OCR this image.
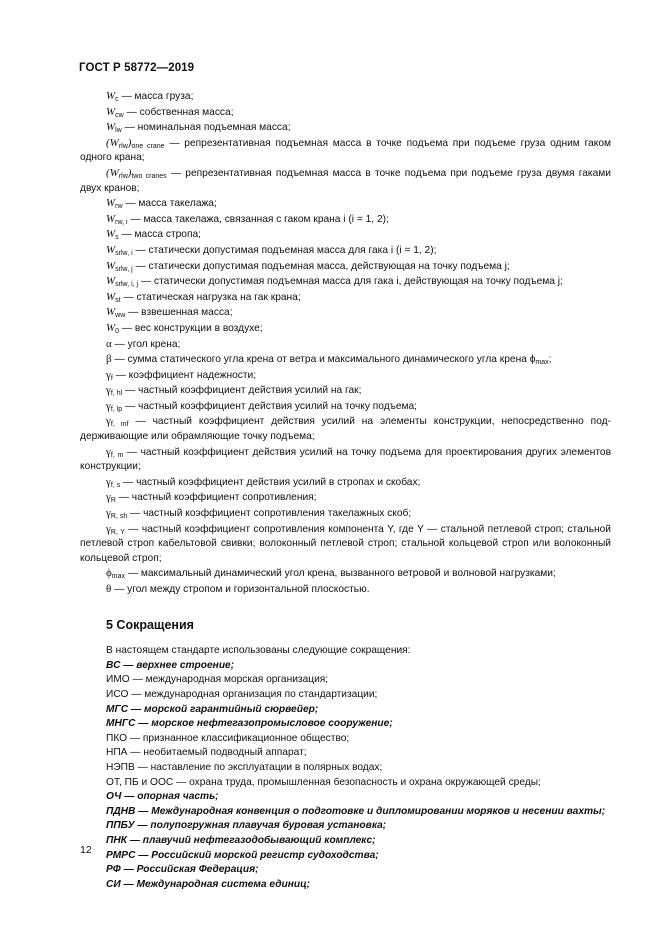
ГОСТ Р 58772—2019

$W_c$ — масса груза;

$W_{cw}$ — собственная масса;

$W_{lw}$ — номинальная подъемная масса;

$(W_{rlw})_{one crane}$ — репрезентативная подъемная масса в точке подъема при подъеме груза одним гаком одного крана;

$(W_{rlw})_{two cranes}$ — репрезентативная подъемная масса в точке подъема при подъеме груза двумя гаками двух кранов;

$W_{rw}$ — масса такелажа;

$W_{rw, i}$ — масса такелажа, связанная с гаком крана i (i = 1, 2);

$W_s$ — масса стропа;

$W_{srlw, i}$ — статически допустимая подъемная масса для гака i (i = 1, 2);

$W_{srlw, j}$ — статически допустимая подъемная масса, действующая на точку подъема j;

$W_{srlw, i, j}$ — статически допустимая подъемная масса для гака i, действующая на точку подъема j;

$W_{st}$ — статическая нагрузка на гак крана;

$W_{ww}$ — взвешенная масса;

$W_0$ — вес конструкции в воздухе;

α — угол крена;

β — сумма статического угла крена от ветра и максимального динамического угла крена $\phi_{max}$;

$\gamma_f$ — коэффициент надежности;

$\gamma_{f, hl}$ — частный коэффициент действия усилий на гак;

$\gamma_{f, lp}$ — частный коэффициент действия усилий на точку подъема;

$\gamma_{f, mf}$ — частный коэффициент действия усилий на элементы конструкции, непосредственно поддерживающие или обрамляющие точку подъема;

$\gamma_{f, m}$ — частный коэффициент действия усилий на точку подъема для проектирования других элементов конструкции;

$\gamma_{f, s}$ — частный коэффициент действия усилий в стропах и скобах;

$\gamma_R$ — частный коэффициент сопротивления;

$\gamma_{R, sh}$ — частный коэффициент сопротивления такелажных скоб;

$\gamma_{R, Y}$ — частный коэффициент сопротивления компонента Y, где Y — стальной петлевой строп; стальной петлевой строп кабельтовой свивки; волоконный петлевой строп; стальной кольцевой строп или волоконный кольцевой строп;

$\phi_{max}$ — максимальный динамический угол крена, вызванного ветровой и волновой нагрузками;

θ — угол между стропом и горизонтальной плоскостью.

5 Сокращения

В настоящем стандарте использованы следующие сокращения:

ВС — верхнее строение;

ИМО — международная морская организация;

ИСО — международная организация по стандартизации;

МГС — морской гарантийный сюрвейер;

МНГС — морское нефтегазопромысловое сооружение;

ПКО — признанное классификационное общество;

НПА — необитаемый подводный аппарат;

НЭПВ — наставление по эксплуатации в полярных водах;

ОТ, ПБ и ООС — охрана труда, промышленная безопасность и охрана окружающей среды;

ОЧ — опорная часть;

ПДНВ — Международная конвенция о подготовке и дипломировании моряков и несении вахты;

ППБУ — полупогружная плавучая буровая установка;

ПНК — плавучий нефтегазодобывающий комплекс;

РМРС — Российский морской регистр судоходства;

РФ — Российская Федерация;

СИ — Международная система единиц;

12
